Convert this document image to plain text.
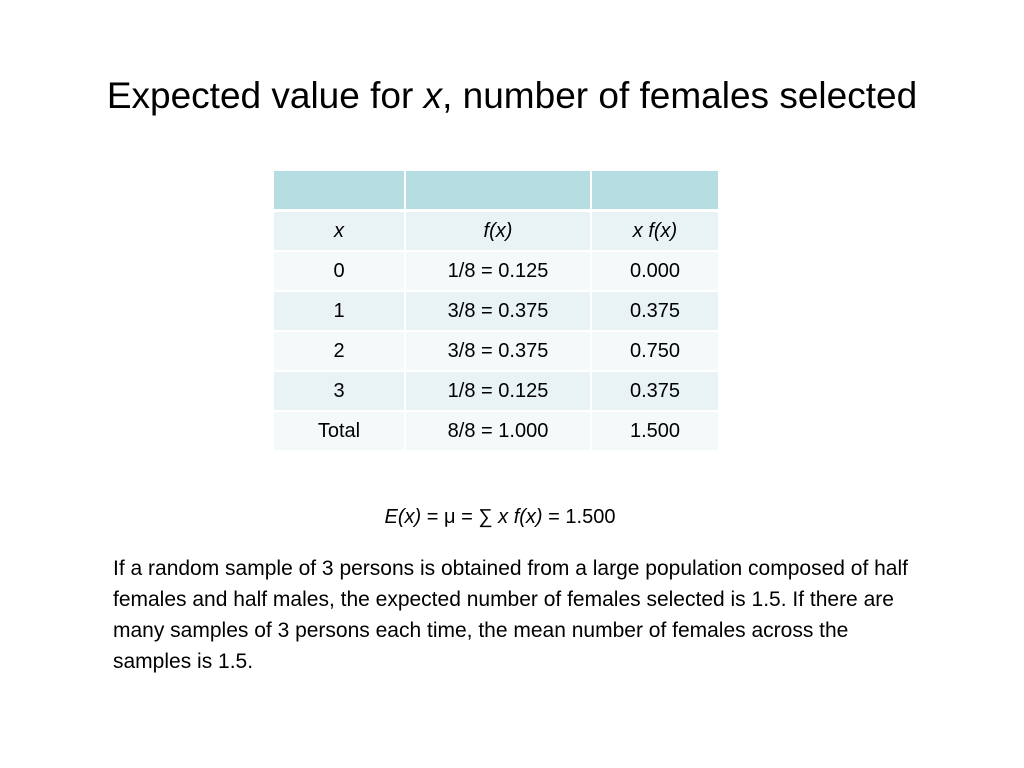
Expected value for x, number of females selected

x	f(x)	x f(x)
0	1/8 = 0.125	0.000
1	3/8 = 0.375	0.375
2	3/8 = 0.375	0.750
3	1/8 = 0.125	0.375
Total	8/8 = 1.000	1.500
E(x) = μ = ∑ x f(x) = 1.500

If a random sample of 3 persons is obtained from a large population composed of half females and half males, the expected number of females selected is 1.5. If there are many samples of 3 persons each time, the mean number of females across the samples is 1.5.
